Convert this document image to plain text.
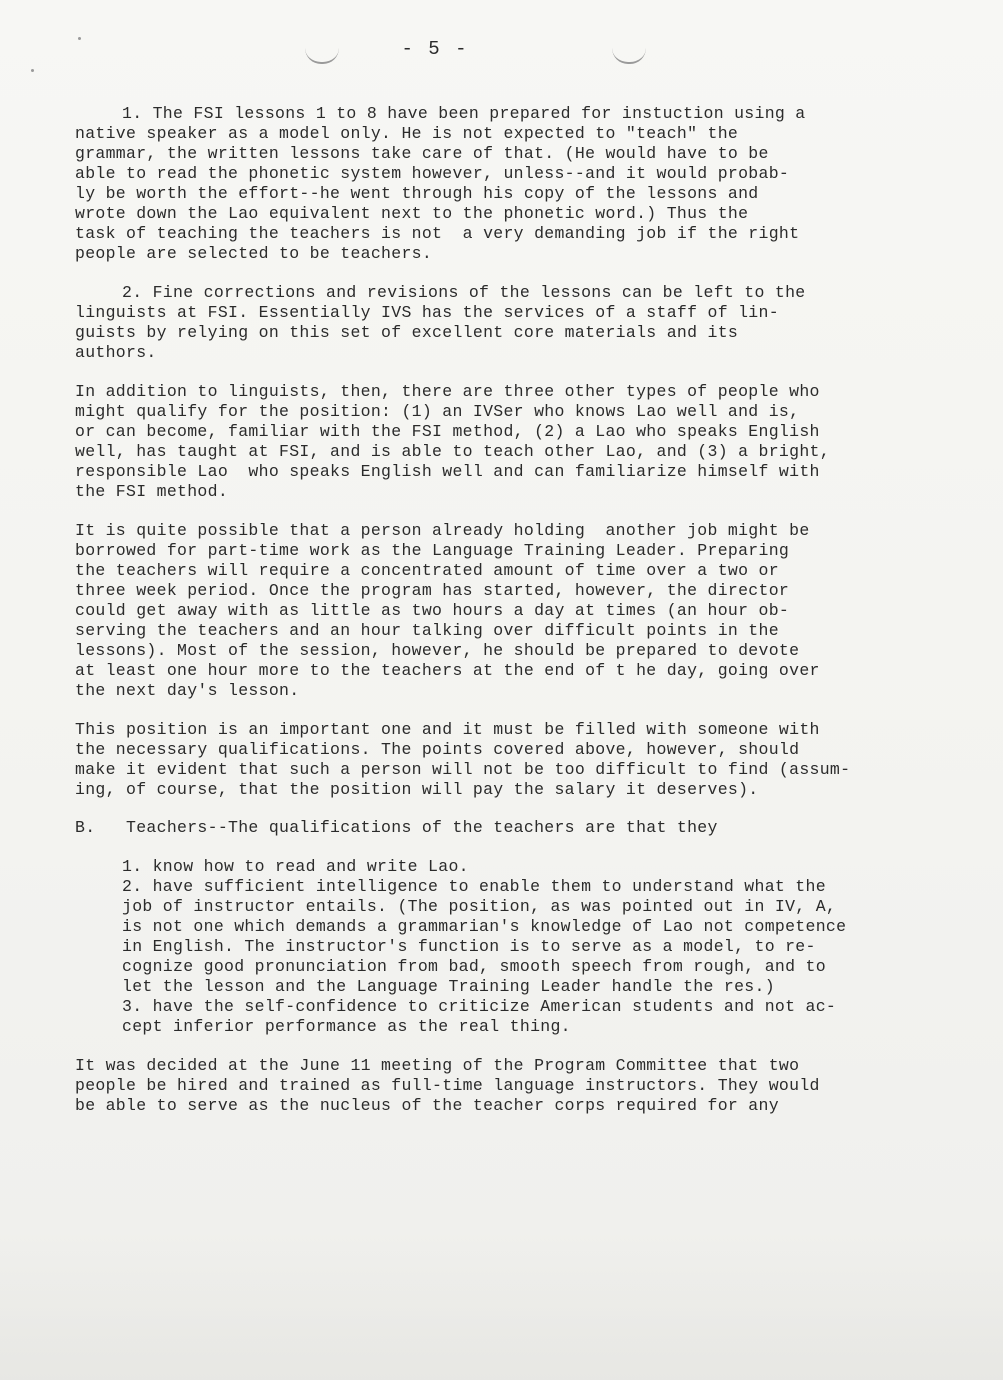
- 5 -
1. The FSI lessons 1 to 8 have been prepared for instuction using a
native speaker as a model only. He is not expected to "teach" the
grammar, the written lessons take care of that. (He would have to be
able to read the phonetic system however, unless--and it would probab-
ly be worth the effort--he went through his copy of the lessons and
wrote down the Lao equivalent next to the phonetic word.) Thus the
task of teaching the teachers is not  a very demanding job if the right
people are selected to be teachers.
2. Fine corrections and revisions of the lessons can be left to the
linguists at FSI. Essentially IVS has the services of a staff of lin-
guists by relying on this set of excellent core materials and its
authors.
In addition to linguists, then, there are three other types of people who
might qualify for the position: (1) an IVSer who knows Lao well and is,
or can become, familiar with the FSI method, (2) a Lao who speaks English
well, has taught at FSI, and is able to teach other Lao, and (3) a bright,
responsible Lao  who speaks English well and can familiarize himself with
the FSI method.
It is quite possible that a person already holding  another job might be
borrowed for part-time work as the Language Training Leader. Preparing
the teachers will require a concentrated amount of time over a two or
three week period. Once the program has started, however, the director
could get away with as little as two hours a day at times (an hour ob-
serving the teachers and an hour talking over difficult points in the
lessons). Most of the session, however, he should be prepared to devote
at least one hour more to the teachers at the end of t he day, going over
the next day's lesson.
This position is an important one and it must be filled with someone with
the necessary qualifications. The points covered above, however, should
make it evident that such a person will not be too difficult to find (assum-
ing, of course, that the position will pay the salary it deserves).
B.   Teachers--The qualifications of the teachers are that they
1. know how to read and write Lao.
2. have sufficient intelligence to enable them to understand what the
job of instructor entails. (The position, as was pointed out in IV, A,
is not one which demands a grammarian's knowledge of Lao not competence
in English. The instructor's function is to serve as a model, to re-
cognize good pronunciation from bad, smooth speech from rough, and to
let the lesson and the Language Training Leader handle the res.)
3. have the self-confidence to criticize American students and not ac-
cept inferior performance as the real thing.
It was decided at the June 11 meeting of the Program Committee that two
people be hired and trained as full-time language instructors. They would
be able to serve as the nucleus of the teacher corps required for any
